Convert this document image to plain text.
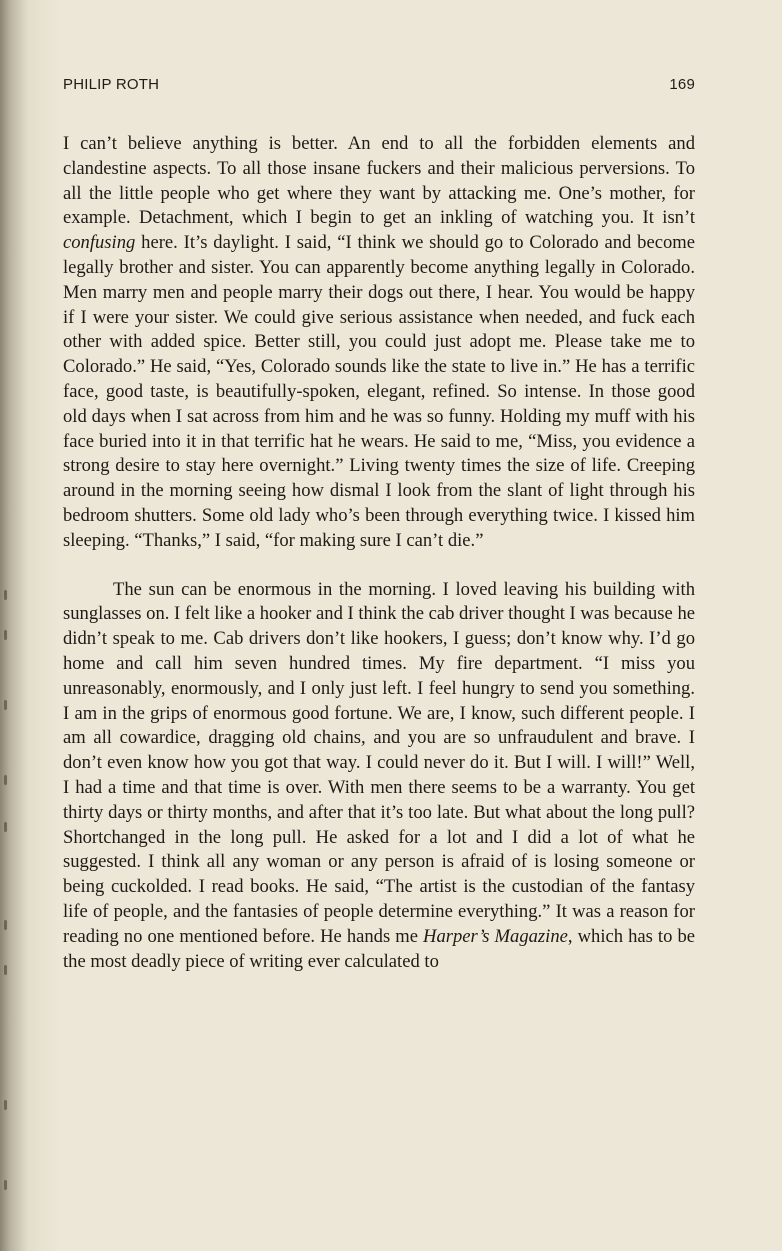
PHILIP ROTH	169

I can’t believe anything is better. An end to all the forbidden elements and clandestine aspects. To all those insane fuckers and their malicious perversions. To all the little people who get where they want by attacking me. One’s mother, for example. Detachment, which I begin to get an inkling of watching you. It isn’t confusing here. It’s daylight. I said, “I think we should go to Colorado and become legally brother and sister. You can apparently become anything legally in Colorado. Men marry men and people marry their dogs out there, I hear. You would be happy if I were your sister. We could give serious assistance when needed, and fuck each other with added spice. Better still, you could just adopt me. Please take me to Colorado.” He said, “Yes, Colorado sounds like the state to live in.” He has a terrific face, good taste, is beautifully-spoken, elegant, refined. So intense. In those good old days when I sat across from him and he was so funny. Holding my muff with his face buried into it in that terrific hat he wears. He said to me, “Miss, you evidence a strong desire to stay here overnight.” Living twenty times the size of life. Creeping around in the morning seeing how dismal I look from the slant of light through his bedroom shutters. Some old lady who’s been through everything twice. I kissed him sleeping. “Thanks,” I said, “for making sure I can’t die.”

The sun can be enormous in the morning. I loved leaving his building with sunglasses on. I felt like a hooker and I think the cab driver thought I was because he didn’t speak to me. Cab drivers don’t like hookers, I guess; don’t know why. I’d go home and call him seven hundred times. My fire department. “I miss you unreasonably, enormously, and I only just left. I feel hungry to send you something. I am in the grips of enormous good fortune. We are, I know, such different people. I am all cowardice, dragging old chains, and you are so unfraudulent and brave. I don’t even know how you got that way. I could never do it. But I will. I will!” Well, I had a time and that time is over. With men there seems to be a warranty. You get thirty days or thirty months, and after that it’s too late. But what about the long pull? Shortchanged in the long pull. He asked for a lot and I did a lot of what he suggested. I think all any woman or any person is afraid of is losing someone or being cuckolded. I read books. He said, “The artist is the custodian of the fantasy life of people, and the fantasies of people determine everything.” It was a reason for reading no one mentioned before. He hands me Harper’s Magazine, which has to be the most deadly piece of writing ever calculated to
